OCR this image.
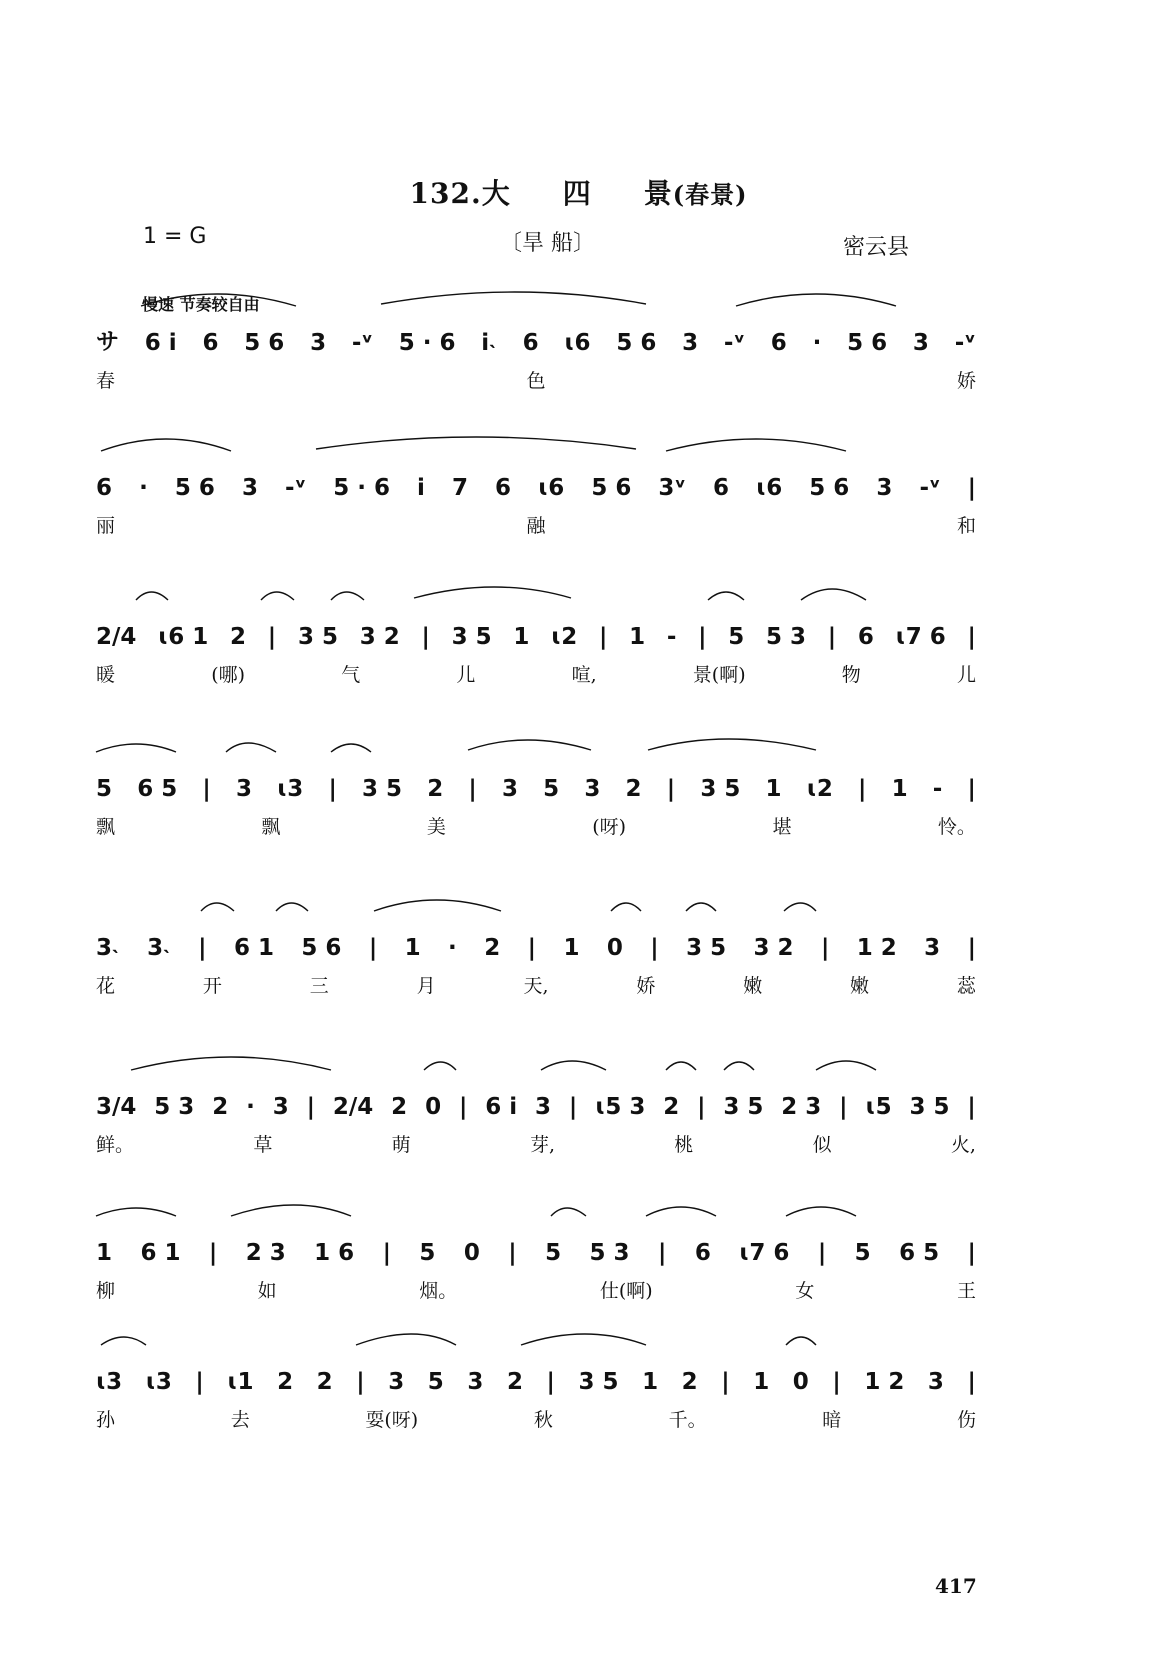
132.大 四 景(春景)
1 = G	〔旱 船〕	密云县
慢速 节奏较自由
サ 6 i 6 5 6 3 -ᵛ 5 · 6 i˴ 6 ɩ6 5 6 3 -ᵛ 6 · 5 6 3 -ᵛ
春	色	娇
6 · 5 6 3 -ᵛ 5 · 6 i 7 6 ɩ6 5 6 3ᵛ 6 ɩ6 5 6 3 -ᵛ |
丽	融	和
2/4 ɩ6 1 2 | 3 5 3 2 | 3 5 1 ɩ2 | 1 - | 5 5 3 | 6 ɩ7 6 |
暖	(哪)	气	儿	喧,	景(啊)	物	儿
5 6 5 | 3 ɩ3 | 3 5 2 | 3 5 3 2 | 3 5 1 ɩ2 | 1 - |
飘	飘	美	(呀)	堪	怜。
3˴ 3˴ | 6 1 5 6 | 1 · 2 | 1 0 | 3 5 3 2 | 1 2 3 |
花	开	三	月	天,	娇	嫩	嫩	蕊
3/4 5 3 2 · 3 | 2/4 2 0 | 6 i 3 | ɩ5 3 2 | 3 5 2 3 | ɩ5 3 5 |
鲜。	草	萌	芽,	桃	似	火,
1 6 1 | 2 3 1 6 | 5 0 | 5 5 3 | 6 ɩ7 6 | 5 6 5 |
柳	如	烟。	仕(啊)	女	王
ɩ3 ɩ3 | ɩ1 2 2 | 3 5 3 2 | 3 5 1 2 | 1 0 | 1 2 3 |
孙	去	耍(呀)	秋	千。	暗	伤
417
